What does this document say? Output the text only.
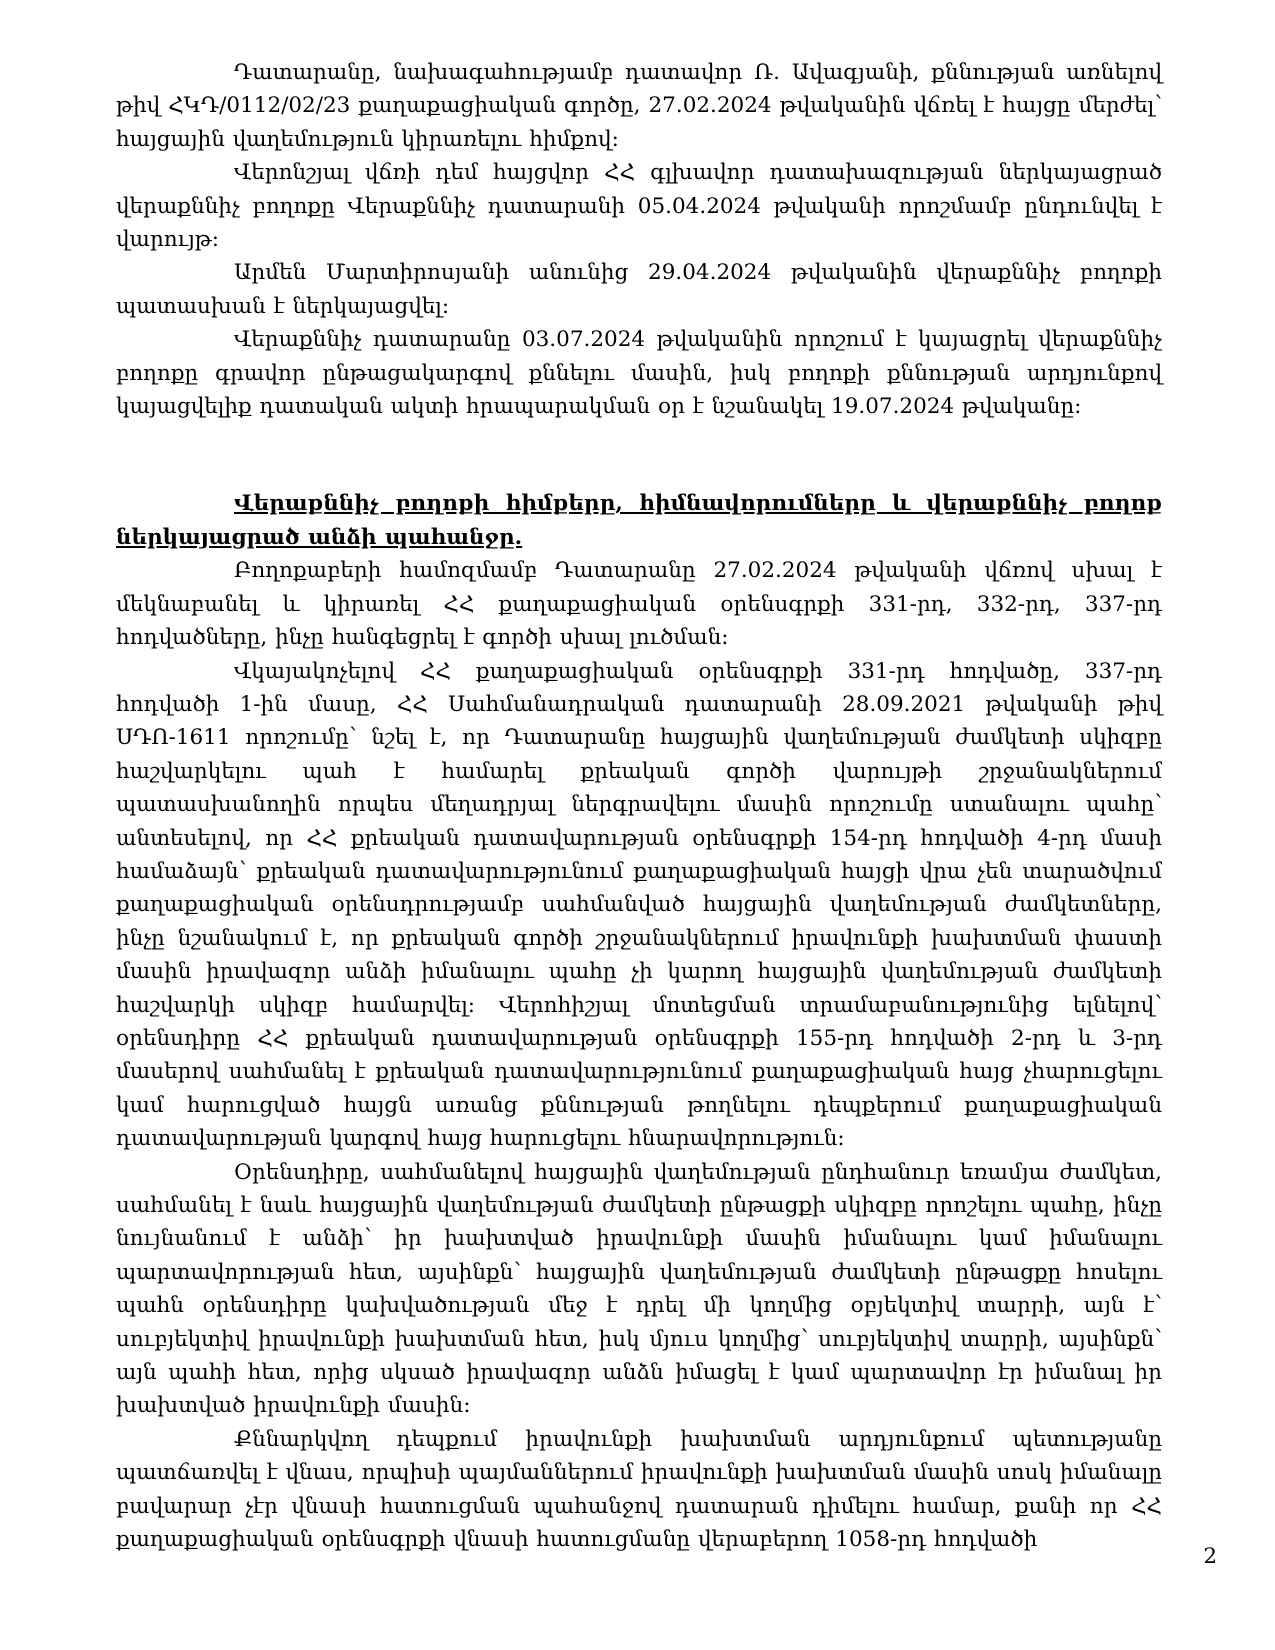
Դատարանը, նախագահությամբ դատավոր Ռ. Ավագյանի, քննության առնելով թիվ ՀԿԴ/0112/02/23 քաղաքացիական գործը, 27.02.2024 թվականին վճռել է հայցը մերժել՝ հայցային վաղեմություն կիրառելու հիմքով:

Վերոնշյալ վճռի դեմ հայցվոր ՀՀ գլխավոր դատախազության ներկայացրած վերաքննիչ բողոքը Վերաքննիչ դատարանի 05.04.2024 թվականի որոշմամբ ընդունվել է վարույթ:

Արմեն Մարտիրոսյանի անունից 29.04.2024 թվականին վերաքննիչ բողոքի պատասխան է ներկայացվել:

Վերաքննիչ դատարանը 03.07.2024 թվականին որոշում է կայացրել վերաքննիչ բողոքը գրավոր ընթացակարգով քննելու մասին, իսկ բողոքի քննության արդյունքով կայացվելիք դատական ակտի հրապարակման օր է նշանակել 19.07.2024 թվականը:

Վերաքննիչ բողոքի հիմքերը, հիմնավորումները և վերաքննիչ բողոք ներկայացրած անձի պահանջը.

Բողոքաբերի համոզմամբ Դատարանը 27.02.2024 թվականի վճռով սխալ է մեկնաբանել և կիրառել ՀՀ քաղաքացիական օրենսգրքի 331-րդ, 332-րդ, 337-րդ հոդվածները, ինչը հանգեցրել է գործի սխալ լուծման:

Վկայակոչելով ՀՀ քաղաքացիական օրենսգրքի 331-րդ հոդվածը, 337-րդ հոդվածի 1-ին մասը, ՀՀ Սահմանադրական դատարանի 28.09.2021 թվականի թիվ ՍԴՈ-1611 որոշումը՝ նշել է, որ Դատարանը հայցային վաղեմության ժամկետի սկիզբը հաշվարկելու պահ է համարել քրեական գործի վարույթի շրջանակներում պատասխանողին որպես մեղադրյալ ներգրավելու մասին որոշումը ստանալու պահը՝ անտեսելով, որ ՀՀ քրեական դատավարության օրենսգրքի 154-րդ հոդվածի 4-րդ մասի համաձայն՝ քրեական դատավարությունում քաղաքացիական հայցի վրա չեն տարածվում քաղաքացիական օրենսդրությամբ սահմանված հայցային վաղեմության ժամկետները, ինչը նշանակում է, որ քրեական գործի շրջանակներում իրավունքի խախտման փաստի մասին իրավազոր անձի իմանալու պահը չի կարող հայցային վաղեմության ժամկետի հաշվարկի սկիզբ համարվել: Վերոհիշյալ մոտեցման տրամաբանությունից ելնելով՝ օրենսդիրը ՀՀ քրեական դատավարության օրենսգրքի 155-րդ հոդվածի 2-րդ և 3-րդ մասերով սահմանել է քրեական դատավարությունում քաղաքացիական հայց չհարուցելու կամ հարուցված հայցն առանց քննության թողնելու դեպքերում քաղաքացիական դատավարության կարգով հայց հարուցելու հնարավորություն:

Օրենսդիրը, սահմանելով հայցային վաղեմության ընդհանուր եռամյա ժամկետ, սահմանել է նաև հայցային վաղեմության ժամկետի ընթացքի սկիզբը որոշելու պահը, ինչը նույնանում է անձի՝ իր խախտված իրավունքի մասին իմանալու կամ իմանալու պարտավորության հետ, այսինքն՝ հայցային վաղեմության ժամկետի ընթացքը հոսելու պահն օրենսդիրը կախվածության մեջ է դրել մի կողմից օբյեկտիվ տարրի, այն է՝ սուբյեկտիվ իրավունքի խախտման հետ, իսկ մյուս կողմից՝ սուբյեկտիվ տարրի, այսինքն՝ այն պահի հետ, որից սկսած իրավազոր անձն իմացել է կամ պարտավոր էր իմանալ իր խախտված իրավունքի մասին:

Քննարկվող դեպքում իրավունքի խախտման արդյունքում պետությանը պատճառվել է վնաս, որպիսի պայմաններում իրավունքի խախտման մասին սոսկ իմանալը բավարար չէր վնասի հատուցման պահանջով դատարան դիմելու համար, քանի որ ՀՀ քաղաքացիական օրենսգրքի վնասի հատուցմանը վերաբերող 1058-րդ հոդվածի

2
